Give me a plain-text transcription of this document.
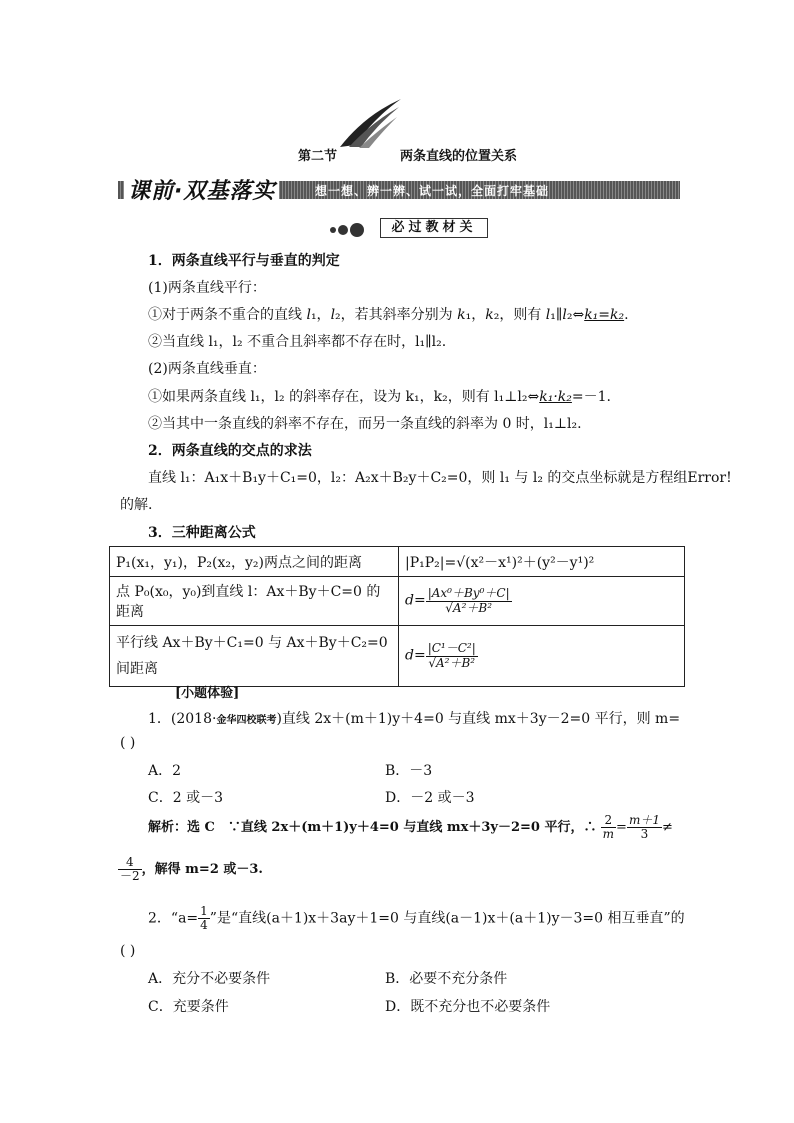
第二节	两条直线的位置关系
课前·双基落实	想一想、辨一辨、试一试，全面打牢基础
必过教材关
1．两条直线平行与垂直的判定
(1)两条直线平行：
①对于两条不重合的直线 l₁，l₂，若其斜率分别为 k₁，k₂，则有 l₁∥l₂⇔k₁=k₂.
②当直线 l₁，l₂ 不重合且斜率都不存在时，l₁∥l₂.
(2)两条直线垂直：
①如果两条直线 l₁，l₂ 的斜率存在，设为 k₁，k₂，则有 l₁⊥l₂⇔k₁·k₂=－1.
②当其中一条直线的斜率不存在，而另一条直线的斜率为 0 时，l₁⊥l₂.
2．两条直线的交点的求法
直线 l₁：A₁x＋B₁y＋C₁=0，l₂：A₂x＋B₂y＋C₂=0，则 l₁ 与 l₂ 的交点坐标就是方程组Error!
的解.
3．三种距离公式
P₁(x₁，y₁)，P₂(x₂，y₂)两点之间的距离	|P₁P₂|=√(x²－x¹)²＋(y²－y¹)²
点 P₀(x₀，y₀)到直线 l：Ax＋By＋C=0 的距离	$d= \frac{\text{|Ax⁰＋By⁰＋C|}}{\text{√A²＋B²}}$

平行线 Ax＋By＋C₁=0 与 Ax＋By＋C₂=0 间距离	$d= \frac{\text{|C¹－C²|}}{\text{√A²＋B²}}$
[小题体验]
1．(2018·金华四校联考)直线 2x＋(m＋1)y＋4=0 与直线 mx＋3y－2=0 平行，则 m=
( )
A．2	B．－3
C．2 或－3	D．－2 或－3
解析：选 C　∵直线 2x＋(m＋1)y＋4=0 与直线 mx＋3y－2=0 平行，∴ $\frac{2}{m} = \frac{m+1}{3}$ ≠
$\frac{4}{-2}$ ，解得 m=2 或－3.
2．“$a= \frac{1}{4}$ ”是“直线(a＋1)x＋3ay＋1=0 与直线(a－1)x＋(a＋1)y－3=0 相互垂直”的
( )
A．充分不必要条件	B．必要不充分条件
C．充要条件	D．既不充分也不必要条件
